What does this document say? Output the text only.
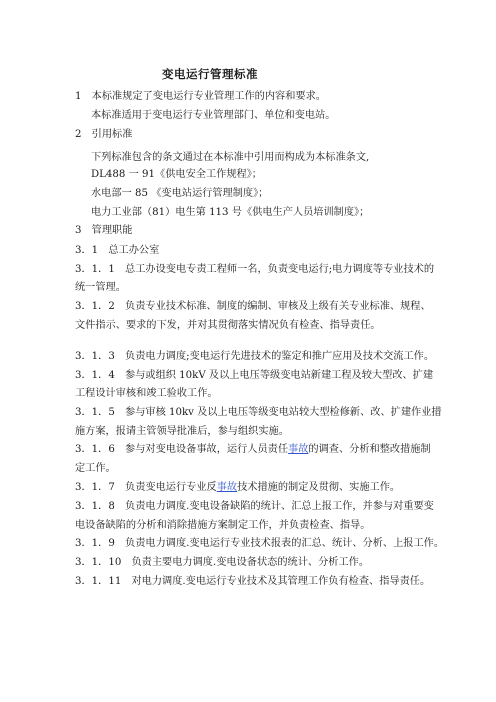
变电运行管理标准
1　本标准规定了变电运行专业管理工作的内容和要求。
本标准适用于变电运行专业管理部门、单位和变电站。
2　引用标准
下列标准包含的条文通过在本标准中引用而构成为本标准条文,
DL488 一 91《供电安全工作规程》；
水电部一 85 《变电站运行管理制度》；
电力工业部（81）电生第 113 号《供电生产人员培训制度》；
3　管理职能
3．1　总工办公室
3．1．1　总工办设变电专责工程师一名，负责变电运行;电力调度等专业技术的
统一管理。
3．1．2　负责专业技术标准、制度的编制、审核及上级有关专业标准、规程、
文件指示、要求的下发，并对其贯彻落实情况负有检查、指导责任。
3．1．3　负责电力调度;变电运行先进技术的鉴定和推广应用及技术交流工作。
3．1．4　参与或组织 10kV 及以上电压等级变电站新建工程及较大型改、扩建
工程设计审核和竣工验收工作。
3．1．5　参与审核 10kv 及以上电压等级变电站较大型检修新、改、扩建作业措
施方案，报请主管领导批准后，参与组织实施。
3．1．6　参与对变电设备事故，运行人员责任事故的调查、分析和整改措施制
定工作。
3．1．7　负责变电运行专业反事故技术措施的制定及贯彻、实施工作。
3．1．8　负责电力调度.变电设备缺陷的统计、汇总上报工作，并参与对重要变
电设备缺陷的分析和消除措施方案制定工作，并负责检查、指导。
3．1．9　负责电力调度.变电运行专业技术报表的汇总、统计、分析、上报工作。
3．1．10　负责主要电力调度.变电设备状态的统计、分析工作。
3．1．11　对电力调度.变电运行专业技术及其管理工作负有检查、指导责任。
